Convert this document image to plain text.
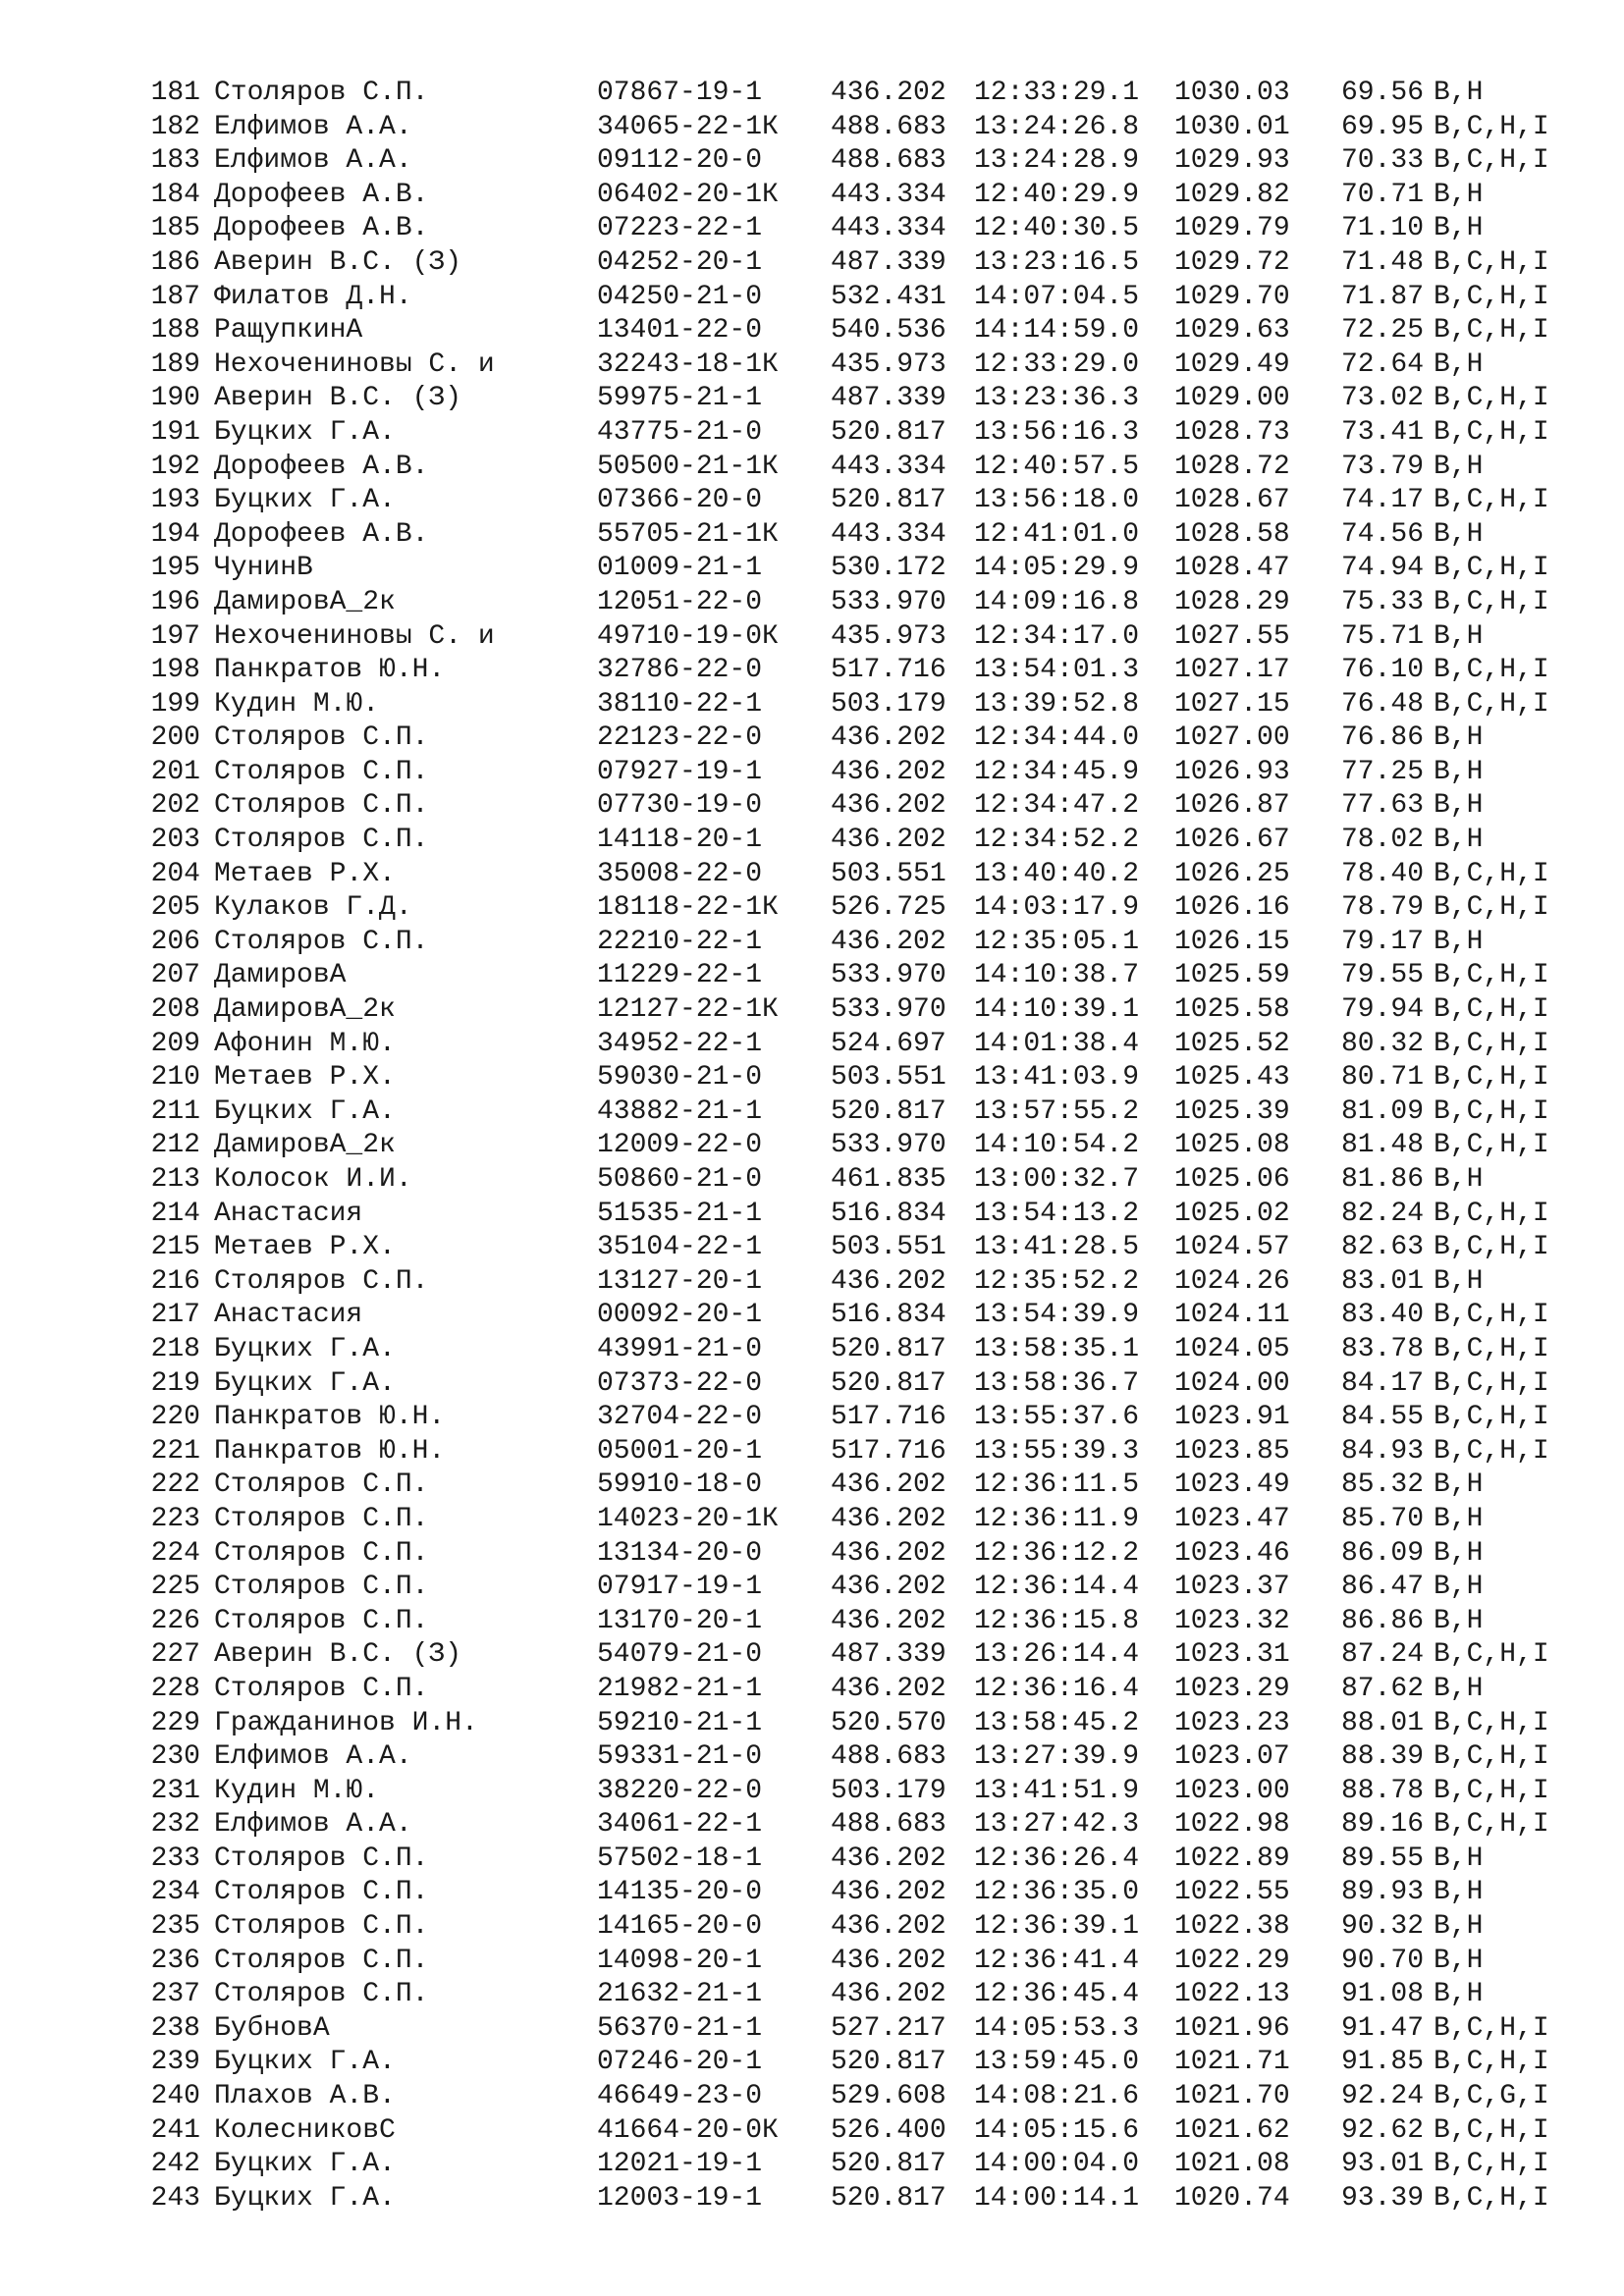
181 Столяров С.П.	07867-19-1 436.202 12:33:29.1 1030.03 69.56 B,H
182 Елфимов А.А.	34065-22-1К 488.683 13:24:26.8 1030.01 69.95 B,C,H,I
183 Елфимов А.А.	09112-20-0 488.683 13:24:28.9 1029.93 70.33 B,C,H,I
184 Дорофеев А.В.	06402-20-1К 443.334 12:40:29.9 1029.82 70.71 B,H
185 Дорофеев А.В.	07223-22-1 443.334 12:40:30.5 1029.79 71.10 B,H
186 Аверин В.С. (З)	04252-20-1 487.339 13:23:16.5 1029.72 71.48 B,C,H,I
187 Филатов Д.Н.	04250-21-0 532.431 14:07:04.5 1029.70 71.87 B,C,H,I
188 РащупкинА	13401-22-0 540.536 14:14:59.0 1029.63 72.25 B,C,H,I
189 Нехочениновы С. и	32243-18-1К 435.973 12:33:29.0 1029.49 72.64 B,H
190 Аверин В.С. (З)	59975-21-1 487.339 13:23:36.3 1029.00 73.02 B,C,H,I
191 Буцких Г.А.	43775-21-0 520.817 13:56:16.3 1028.73 73.41 B,C,H,I
192 Дорофеев А.В.	50500-21-1К 443.334 12:40:57.5 1028.72 73.79 B,H
193 Буцких Г.А.	07366-20-0 520.817 13:56:18.0 1028.67 74.17 B,C,H,I
194 Дорофеев А.В.	55705-21-1К 443.334 12:41:01.0 1028.58 74.56 B,H
195 ЧунинВ	01009-21-1 530.172 14:05:29.9 1028.47 74.94 B,C,H,I
196 ДамировА_2к	12051-22-0 533.970 14:09:16.8 1028.29 75.33 B,C,H,I
197 Нехочениновы С. и	49710-19-0К 435.973 12:34:17.0 1027.55 75.71 B,H
198 Панкратов Ю.Н.	32786-22-0 517.716 13:54:01.3 1027.17 76.10 B,C,H,I
199 Кудин М.Ю.	38110-22-1 503.179 13:39:52.8 1027.15 76.48 B,C,H,I
200 Столяров С.П.	22123-22-0 436.202 12:34:44.0 1027.00 76.86 B,H
201 Столяров С.П.	07927-19-1 436.202 12:34:45.9 1026.93 77.25 B,H
202 Столяров С.П.	07730-19-0 436.202 12:34:47.2 1026.87 77.63 B,H
203 Столяров С.П.	14118-20-1 436.202 12:34:52.2 1026.67 78.02 B,H
204 Метаев Р.Х.	35008-22-0 503.551 13:40:40.2 1026.25 78.40 B,C,H,I
205 Кулаков Г.Д.	18118-22-1К 526.725 14:03:17.9 1026.16 78.79 B,C,H,I
206 Столяров С.П.	22210-22-1 436.202 12:35:05.1 1026.15 79.17 B,H
207 ДамировА	11229-22-1 533.970 14:10:38.7 1025.59 79.55 B,C,H,I
208 ДамировА_2к	12127-22-1К 533.970 14:10:39.1 1025.58 79.94 B,C,H,I
209 Афонин М.Ю.	34952-22-1 524.697 14:01:38.4 1025.52 80.32 B,C,H,I
210 Метаев Р.Х.	59030-21-0 503.551 13:41:03.9 1025.43 80.71 B,C,H,I
211 Буцких Г.А.	43882-21-1 520.817 13:57:55.2 1025.39 81.09 B,C,H,I
212 ДамировА_2к	12009-22-0 533.970 14:10:54.2 1025.08 81.48 B,C,H,I
213 Колосок И.И.	50860-21-0 461.835 13:00:32.7 1025.06 81.86 B,H
214 Анастасия	51535-21-1 516.834 13:54:13.2 1025.02 82.24 B,C,H,I
215 Метаев Р.Х.	35104-22-1 503.551 13:41:28.5 1024.57 82.63 B,C,H,I
216 Столяров С.П.	13127-20-1 436.202 12:35:52.2 1024.26 83.01 B,H
217 Анастасия	00092-20-1 516.834 13:54:39.9 1024.11 83.40 B,C,H,I
218 Буцких Г.А.	43991-21-0 520.817 13:58:35.1 1024.05 83.78 B,C,H,I
219 Буцких Г.А.	07373-22-0 520.817 13:58:36.7 1024.00 84.17 B,C,H,I
220 Панкратов Ю.Н.	32704-22-0 517.716 13:55:37.6 1023.91 84.55 B,C,H,I
221 Панкратов Ю.Н.	05001-20-1 517.716 13:55:39.3 1023.85 84.93 B,C,H,I
222 Столяров С.П.	59910-18-0 436.202 12:36:11.5 1023.49 85.32 B,H
223 Столяров С.П.	14023-20-1К 436.202 12:36:11.9 1023.47 85.70 B,H
224 Столяров С.П.	13134-20-0 436.202 12:36:12.2 1023.46 86.09 B,H
225 Столяров С.П.	07917-19-1 436.202 12:36:14.4 1023.37 86.47 B,H
226 Столяров С.П.	13170-20-1 436.202 12:36:15.8 1023.32 86.86 B,H
227 Аверин В.С. (З)	54079-21-0 487.339 13:26:14.4 1023.31 87.24 B,C,H,I
228 Столяров С.П.	21982-21-1 436.202 12:36:16.4 1023.29 87.62 B,H
229 Гражданинов И.Н.	59210-21-1 520.570 13:58:45.2 1023.23 88.01 B,C,H,I
230 Елфимов А.А.	59331-21-0 488.683 13:27:39.9 1023.07 88.39 B,C,H,I
231 Кудин М.Ю.	38220-22-0 503.179 13:41:51.9 1023.00 88.78 B,C,H,I
232 Елфимов А.А.	34061-22-1 488.683 13:27:42.3 1022.98 89.16 B,C,H,I
233 Столяров С.П.	57502-18-1 436.202 12:36:26.4 1022.89 89.55 B,H
234 Столяров С.П.	14135-20-0 436.202 12:36:35.0 1022.55 89.93 B,H
235 Столяров С.П.	14165-20-0 436.202 12:36:39.1 1022.38 90.32 B,H
236 Столяров С.П.	14098-20-1 436.202 12:36:41.4 1022.29 90.70 B,H
237 Столяров С.П.	21632-21-1 436.202 12:36:45.4 1022.13 91.08 B,H
238 БубновА	56370-21-1 527.217 14:05:53.3 1021.96 91.47 B,C,H,I
239 Буцких Г.А.	07246-20-1 520.817 13:59:45.0 1021.71 91.85 B,C,H,I
240 Плахов А.В.	46649-23-0 529.608 14:08:21.6 1021.70 92.24 B,C,G,I
241 КолесниковС	41664-20-0К 526.400 14:05:15.6 1021.62 92.62 B,C,H,I
242 Буцких Г.А.	12021-19-1 520.817 14:00:04.0 1021.08 93.01 B,C,H,I
243 Буцких Г.А.	12003-19-1 520.817 14:00:14.1 1020.74 93.39 B,C,H,I
